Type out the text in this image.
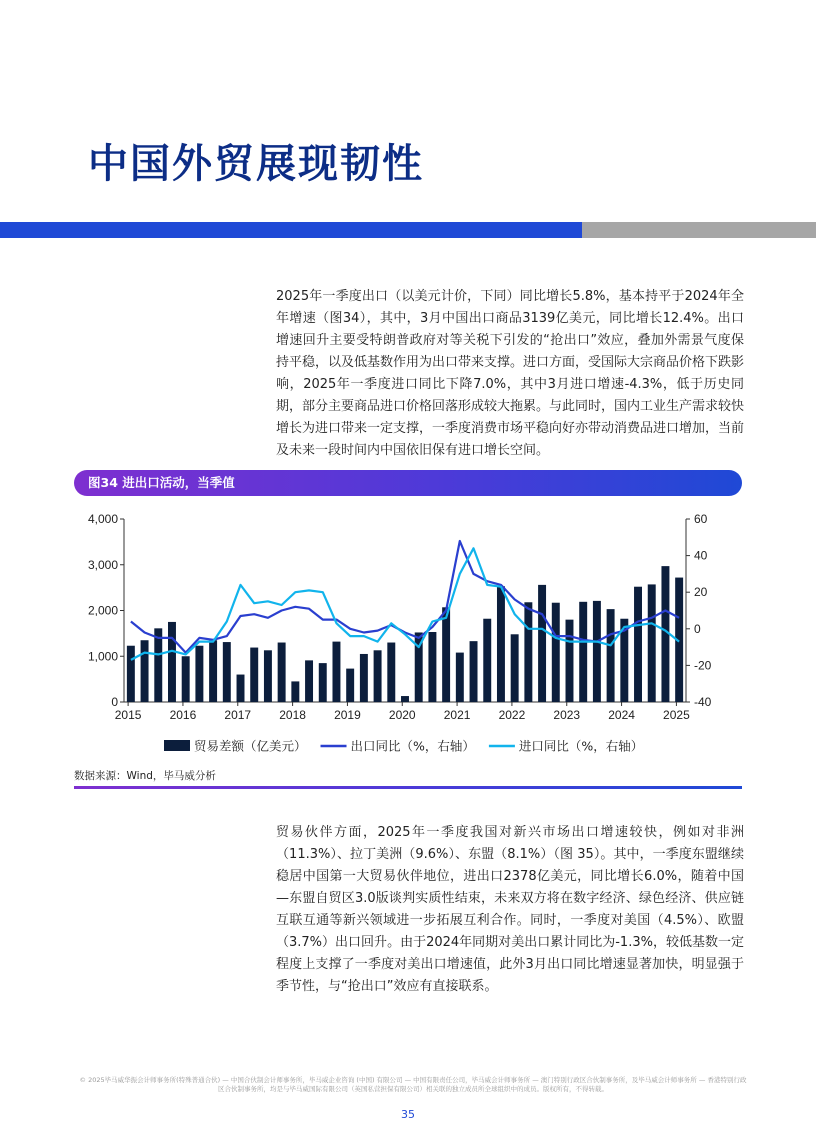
中国外贸展现韧性

2025年一季度出口（以美元计价，下同）同比增长5.8%，基本持平于2024年全年增速（图34），其中，3月中国出口商品3139亿美元，同比增长12.4%。出口增速回升主要受特朗普政府对等关税下引发的“抢出口”效应，叠加外需景气度保持平稳，以及低基数作用为出口带来支撑。进口方面，受国际大宗商品价格下跌影响，2025年一季度进口同比下降7.0%，其中3月进口增速-4.3%，低于历史同期，部分主要商品进口价格回落形成较大拖累。与此同时，国内工业生产需求较快增长为进口带来一定支撑，一季度消费市场平稳向好亦带动消费品进口增加，当前及未来一段时间内中国依旧保有进口增长空间。

图34 进出口活动，当季值
0
1,000
2,000
3,000
4,000
-40
-20
0
20
40
60
2015 2016 2017 2018 2019 2020 2021 2022 2023 2024 2025
贸易差额（亿美元）	出口同比（%，右轴）	进口同比（%，右轴）
数据来源：Wind，毕马威分析

贸易伙伴方面，2025年一季度我国对新兴市场出口增速较快，例如对非洲（11.3%）、拉丁美洲（9.6%）、东盟（8.1%）（图 35）。其中，一季度东盟继续稳居中国第一大贸易伙伴地位，进出口2378亿美元，同比增长6.0%，随着中国—东盟自贸区3.0版谈判实质性结束，未来双方将在数字经济、绿色经济、供应链互联互通等新兴领域进一步拓展互利合作。同时，一季度对美国（4.5%）、欧盟（3.7%）出口回升。由于2024年同期对美出口累计同比为-1.3%，较低基数一定程度上支撑了一季度对美出口增速值，此外3月出口同比增速显著加快，明显强于季节性，与“抢出口”效应有直接联系。

© 2025毕马威华振会计师事务所(特殊普通合伙) — 中国合伙制会计师事务所，毕马威企业咨询 (中国) 有限公司 — 中国有限责任公司，毕马威会计师事务所 — 澳门特别行政区合伙制事务所，及毕马威会计师事务所 — 香港特别行政区合伙制事务所，均是与毕马威国际有限公司（英国私营担保有限公司）相关联的独立成员所全球组织中的成员。版权所有，不得转载。
35
